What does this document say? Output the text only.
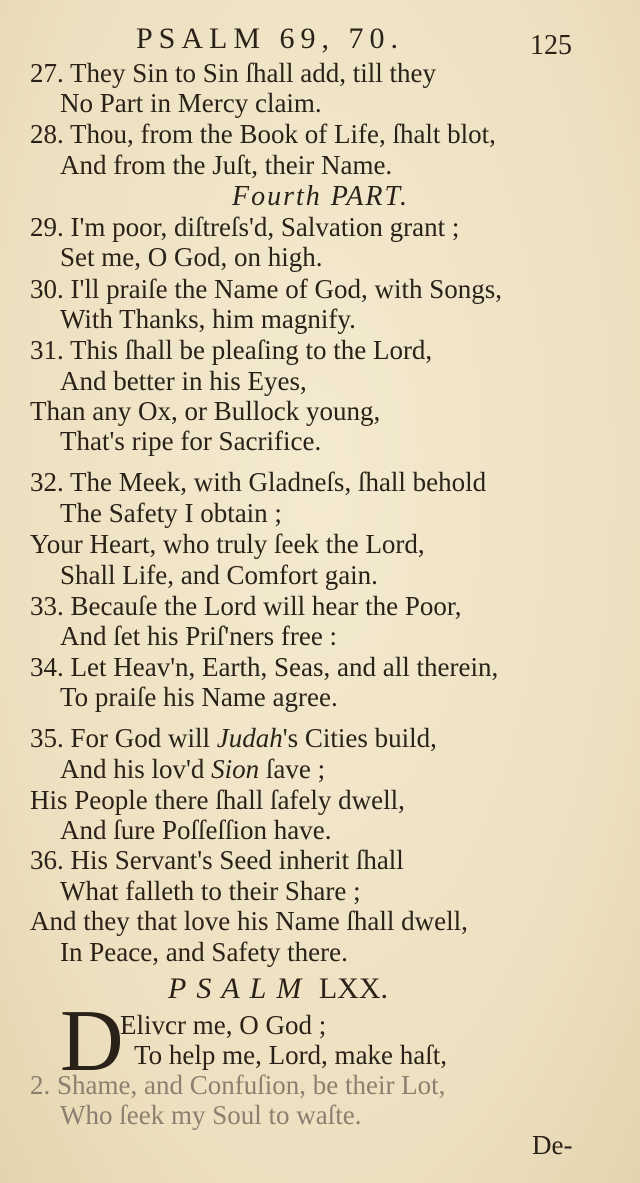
PSALM 69, 70.	125
27. They Sin to Sin ſhall add, till they
No Part in Mercy claim.
28. Thou, from the Book of Life, ſhalt blot,
And from the Juſt, their Name.
Fourth PART.
29. I'm poor, diſtreſs'd, Salvation grant ;
Set me, O God, on high.
30. I'll praiſe the Name of God, with Songs,
With Thanks, him magnify.
31. This ſhall be pleaſing to the Lord,
And better in his Eyes,
Than any Ox, or Bullock young,
That's ripe for Sacrifice.
32. The Meek, with Gladneſs, ſhall behold
The Safety I obtain ;
Your Heart, who truly ſeek the Lord,
Shall Life, and Comfort gain.
33. Becauſe the Lord will hear the Poor,
And ſet his Priſ'ners free :
34. Let Heav'n, Earth, Seas, and all therein,
To praiſe his Name agree.
35. For God will Judah's Cities build,
And his lov'd Sion ſave ;
His People there ſhall ſafely dwell,
And ſure Poſſeſſion have.
36. His Servant's Seed inherit ſhall
What falleth to their Share ;
And they that love his Name ſhall dwell,
In Peace, and Safety there.
PSALM LXX.
D
Elivcr me, O God ;
To help me, Lord, make haſt,
2. Shame, and Confuſion, be their Lot,
Who ſeek my Soul to waſte.
De-
